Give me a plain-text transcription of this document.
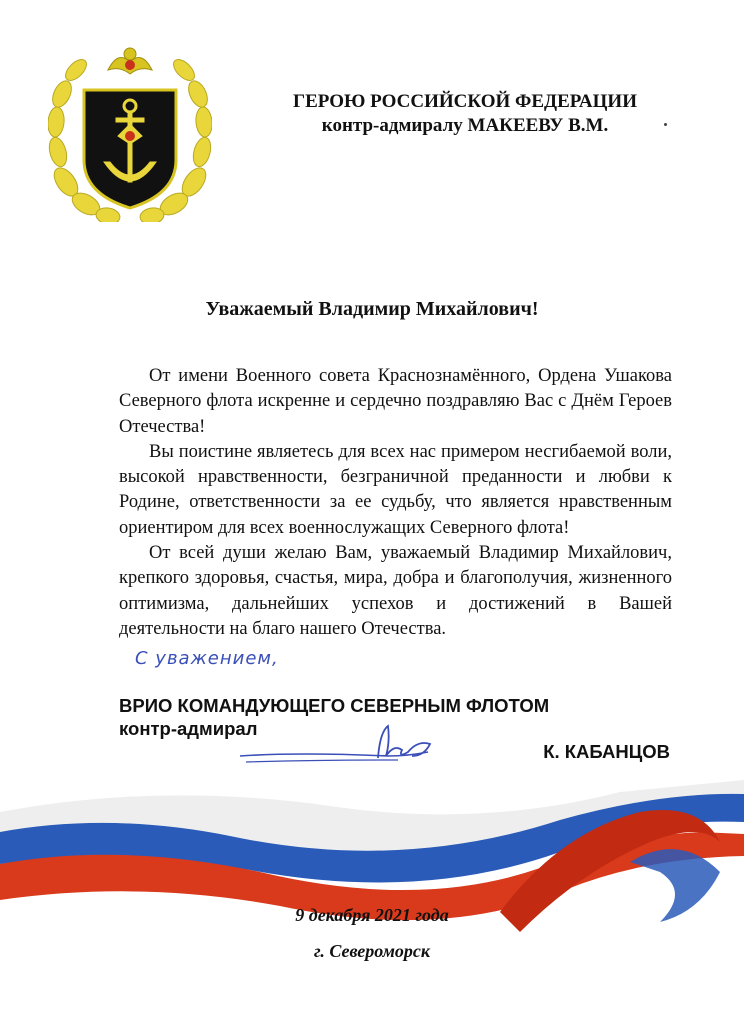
ГЕРОЮ РОССИЙСКОЙ ФЕДЕРАЦИИ
контр-адмиралу МАКЕЕВУ В.М.
Уважаемый Владимир Михайлович!

От имени Военного совета Краснознамённого, Ордена Ушакова Северного флота искренне и сердечно поздравляю Вас с Днём Героев Отечества!

Вы поистине являетесь для всех нас примером несгибаемой воли, высокой нравственности, безграничной преданности и любви к Родине, ответственности за ее судьбу, что является нравственным ориентиром для всех военнослужащих Северного флота!

От всей души желаю Вам, уважаемый Владимир Михайлович, крепкого здоровья, счастья, мира, добра и благополучия, жизненного оптимизма, дальнейших успехов и достижений в Вашей деятельности на благо нашего Отечества.

С уважением,
ВРИО КОМАНДУЮЩЕГО СЕВЕРНЫМ ФЛОТОМ
контр-адмирал
К. КАБАНЦОВ
9 декабря 2021 года
г. Североморск
